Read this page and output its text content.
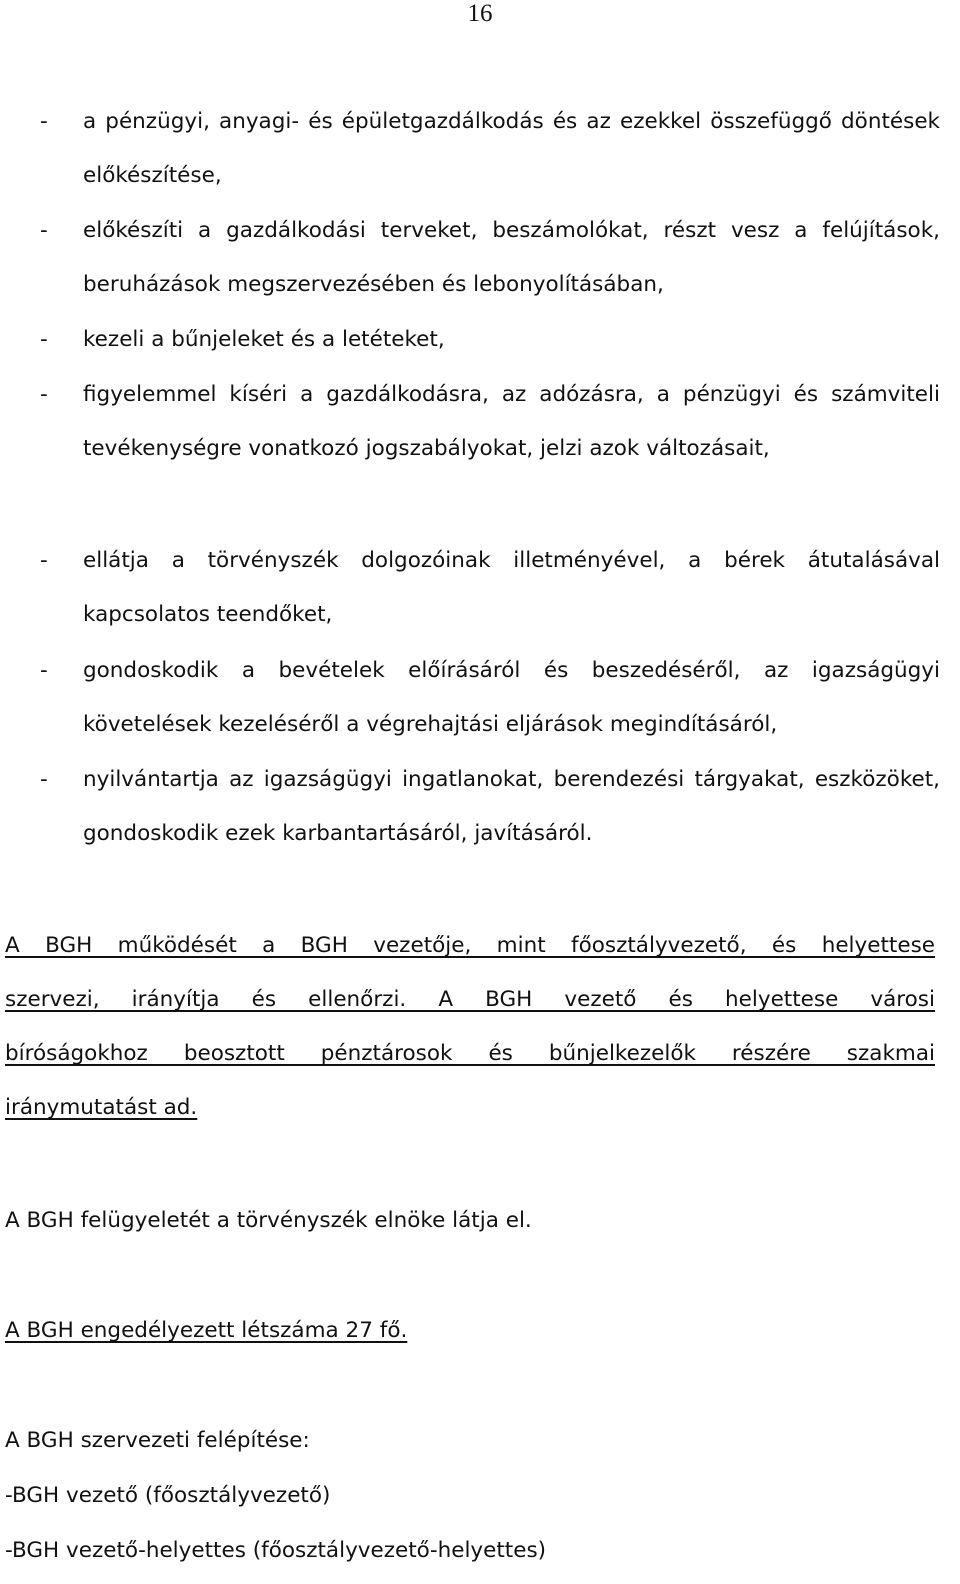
16
- a pénzügyi, anyagi- és épületgazdálkodás és az ezekkel összefüggő döntések előkészítése,
- előkészíti a gazdálkodási terveket, beszámolókat, részt vesz a felújítások, beruházások megszervezésében és lebonyolításában,
- kezeli a bűnjeleket és a letéteket,
- figyelemmel kíséri a gazdálkodásra, az adózásra, a pénzügyi és számviteli tevékenységre vonatkozó jogszabályokat, jelzi azok változásait,
- ellátja a törvényszék dolgozóinak illetményével, a bérek átutalásával kapcsolatos teendőket,
- gondoskodik a bevételek előírásáról és beszedéséről, az igazságügyi követelések kezeléséről a végrehajtási eljárások megindításáról,
- nyilvántartja az igazságügyi ingatlanokat, berendezési tárgyakat, eszközöket, gondoskodik ezek karbantartásáról, javításáról.
A BGH működését a BGH vezetője, mint főosztályvezető, és helyettese
szervezi, irányítja és ellenőrzi. A BGH vezető és helyettese városi
bíróságokhoz beosztott pénztárosok és bűnjelkezelők részére szakmai
iránymutatást ad.
A BGH felügyeletét a törvényszék elnöke látja el.
A BGH engedélyezett létszáma 27 fő.
A BGH szervezeti felépítése:
-BGH vezető (főosztályvezető)
-BGH vezető-helyettes (főosztályvezető-helyettes)
